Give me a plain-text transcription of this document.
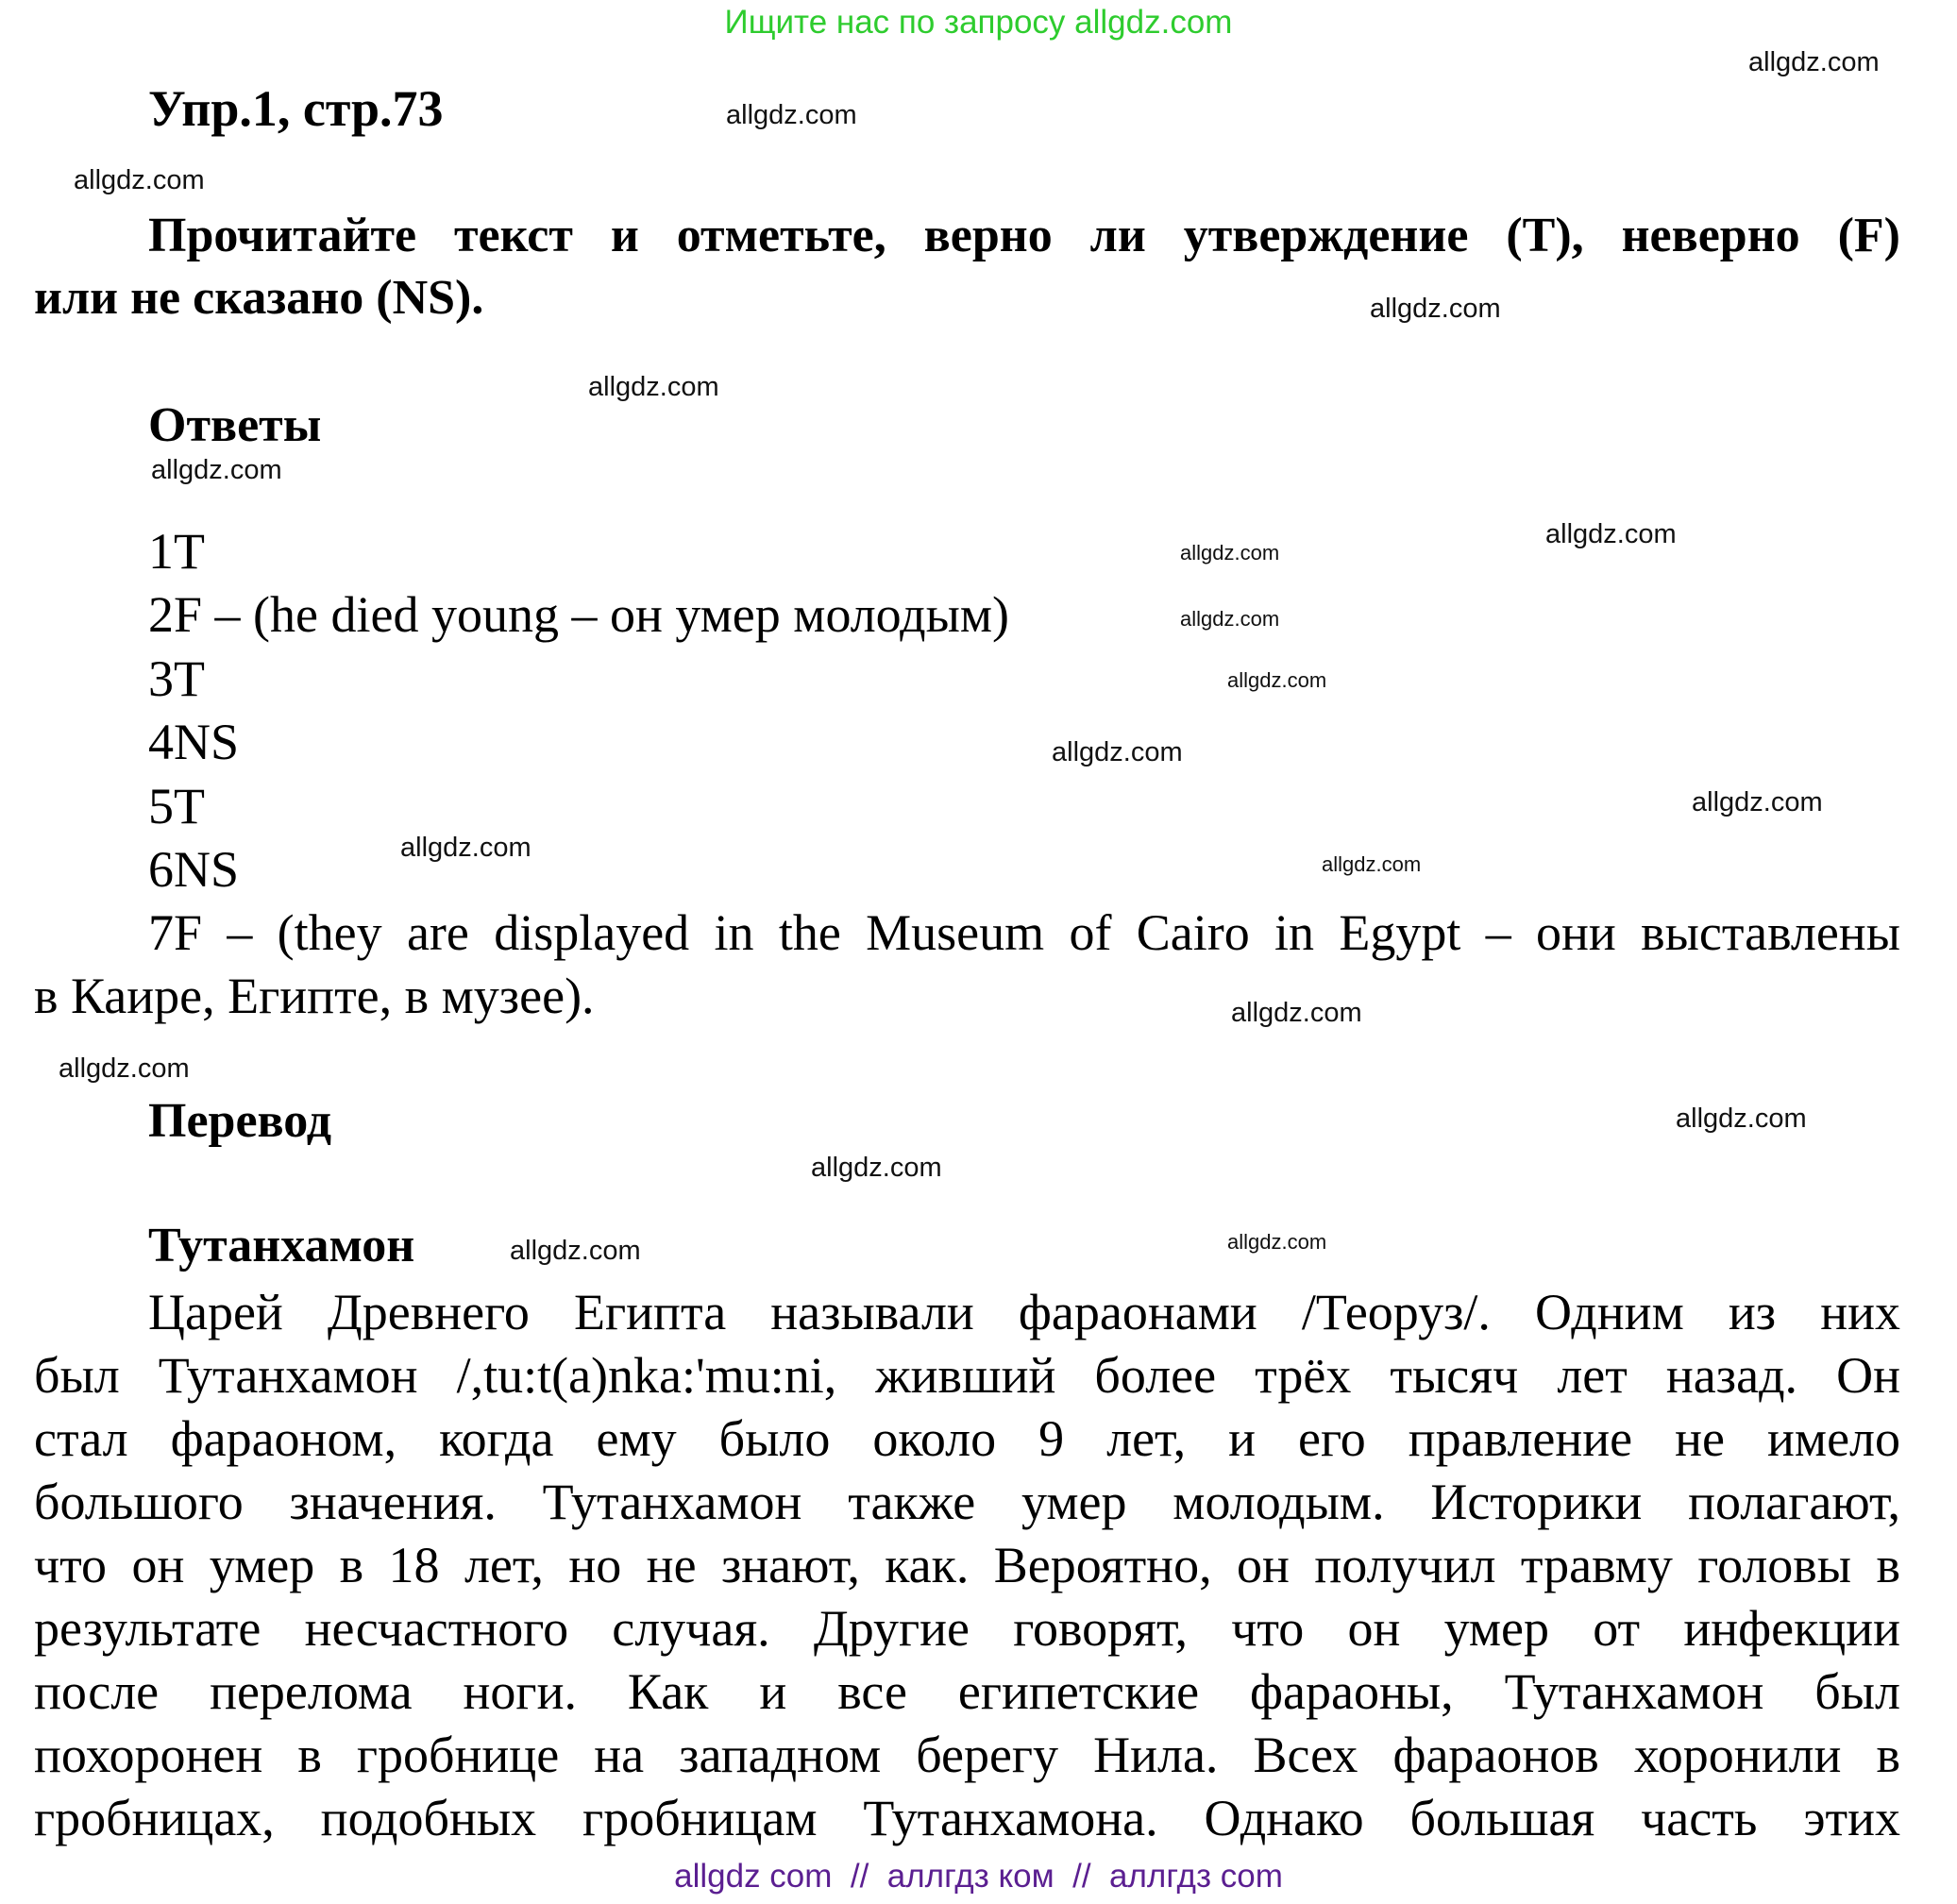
Ищите нас по запросу allgdz.com
Упр.1, стр.73
Прочитайте текст и отметьте, верно ли утверждение (T), неверно (F)
или не сказано (NS).
Ответы
1T
2F – (he died young – он умер молодым)
3T
4NS
5T
6NS
7F – (they are displayed in the Museum of Cairo in Egypt – они выставлены
в Каире, Египте, в музее).
Перевод
Тутанхамон
Царей Древнего Египта называли фараонами /Теоруз/. Одним из них
был Тутанхамон /,tu:t(a)nka:'mu:ni, живший более трёх тысяч лет назад. Он
стал фараоном, когда ему было около 9 лет, и его правление не имело
большого значения. Тутанхамон также умер молодым. Историки полагают,
что он умер в 18 лет, но не знают, как. Вероятно, он получил травму головы в
результате несчастного случая. Другие говорят, что он умер от инфекции
после перелома ноги. Как и все египетские фараоны, Тутанхамон был
похоронен в гробнице на западном берегу Нила. Всех фараонов хоронили в
гробницах, подобных гробницам Тутанхамона. Однако большая часть этих
allgdz.com
allgdz.com
allgdz.com
allgdz.com
allgdz.com
allgdz.com
allgdz.com
allgdz.com
allgdz.com
allgdz.com
allgdz.com
allgdz.com
allgdz.com
allgdz.com
allgdz.com
allgdz.com
allgdz.com
allgdz.com
allgdz.com
allgdz.com
allgdz com  //  аллгдз ком  //  аллгдз com
